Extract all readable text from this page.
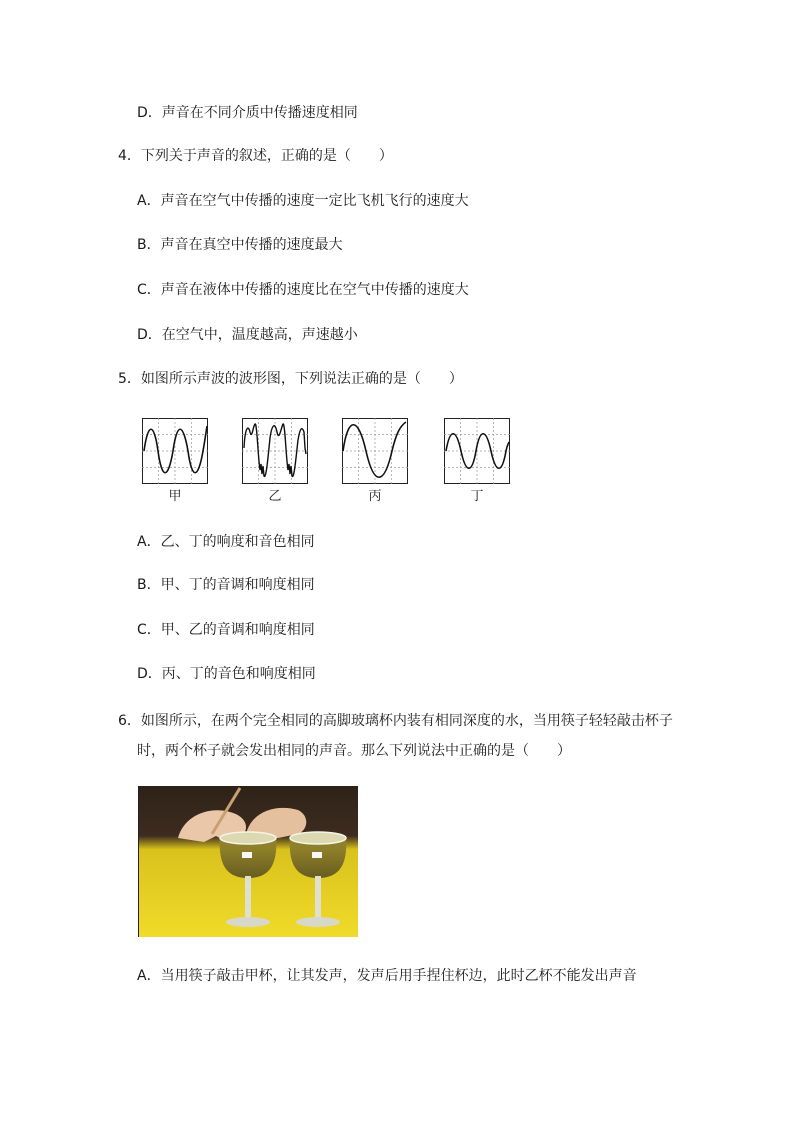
D．声音在不同介质中传播速度相同
4．下列关于声音的叙述，正确的是（　　）
A．声音在空气中传播的速度一定比飞机飞行的速度大
B．声音在真空中传播的速度最大
C．声音在液体中传播的速度比在空气中传播的速度大
D．在空气中，温度越高，声速越小
5．如图所示声波的波形图，下列说法正确的是（　　）
甲	乙	丙	丁
A．乙、丁的响度和音色相同
B．甲、丁的音调和响度相同
C．甲、乙的音调和响度相同
D．丙、丁的音色和响度相同
6．如图所示，在两个完全相同的高脚玻璃杯内装有相同深度的水，当用筷子轻轻敲击杯子
时，两个杯子就会发出相同的声音。那么下列说法中正确的是（　　）
A．当用筷子敲击甲杯，让其发声，发声后用手捏住杯边，此时乙杯不能发出声音
